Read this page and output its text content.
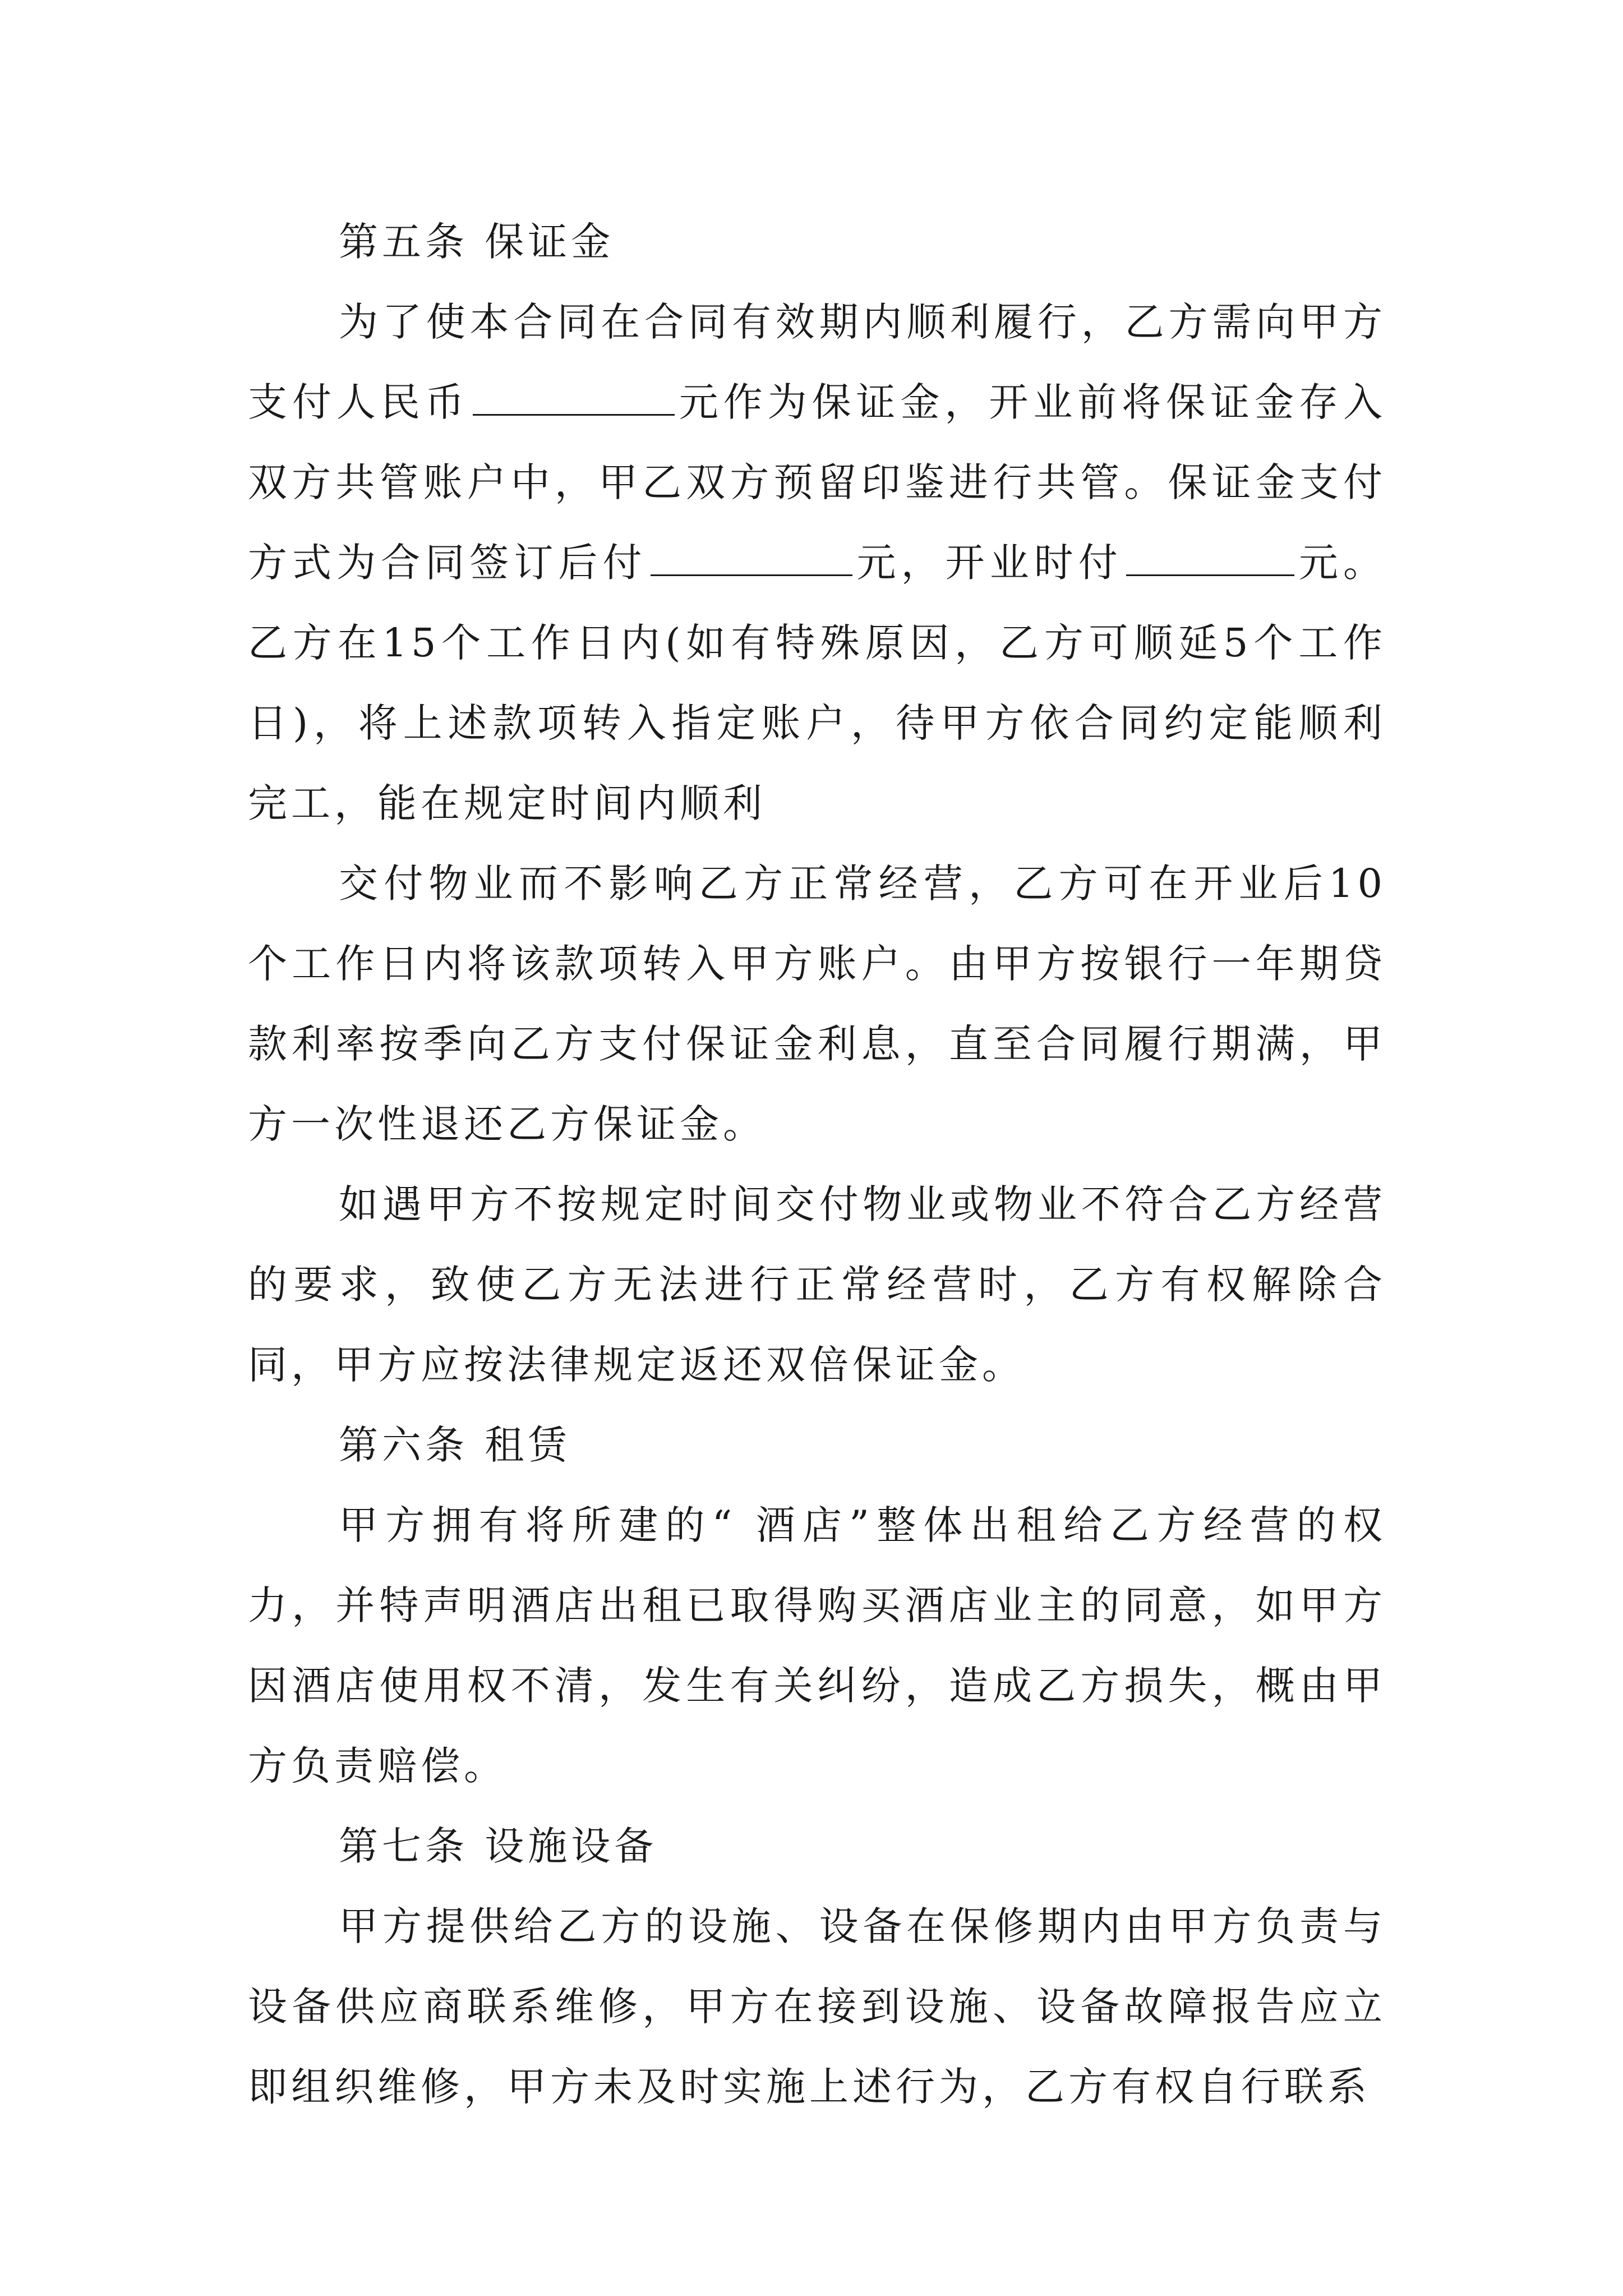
第五条 保证金

为了使本合同在合同有效期内顺利履行，乙方需向甲方支付人民币	元作为保证金，开业前将保证金存入双方共管账户中，甲乙双方预留印鉴进行共管。保证金支付方式为合同签订后付	元，开业时付	元。乙方在15个工作日内(如有特殊原因，乙方可顺延5个工作日)，将上述款项转入指定账户，待甲方依合同约定能顺利完工，能在规定时间内顺利

交付物业而不影响乙方正常经营，乙方可在开业后10个工作日内将该款项转入甲方账户。由甲方按银行一年期贷款利率按季向乙方支付保证金利息，直至合同履行期满，甲方一次性退还乙方保证金。

如遇甲方不按规定时间交付物业或物业不符合乙方经营的要求，致使乙方无法进行正常经营时，乙方有权解除合同，甲方应按法律规定返还双倍保证金。

第六条 租赁

甲方拥有将所建的“ 酒店”整体出租给乙方经营的权力，并特声明酒店出租已取得购买酒店业主的同意，如甲方因酒店使用权不清，发生有关纠纷，造成乙方损失，概由甲方负责赔偿。

第七条 设施设备

甲方提供给乙方的设施、设备在保修期内由甲方负责与设备供应商联系维修，甲方在接到设施、设备故障报告应立即组织维修，甲方未及时实施上述行为，乙方有权自行联系
